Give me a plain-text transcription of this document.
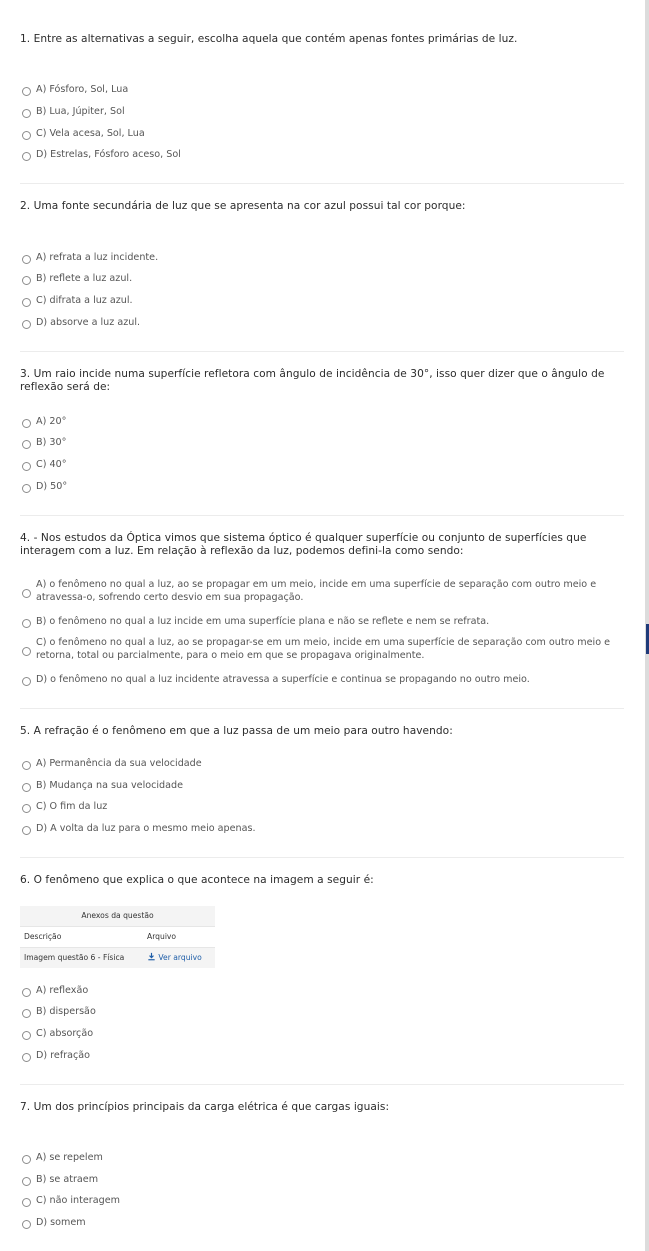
1. Entre as alternativas a seguir, escolha aquela que contém apenas fontes primárias de luz.
A) Fósforo, Sol, Lua
B) Lua, Júpiter, Sol
C) Vela acesa, Sol, Lua
D) Estrelas, Fósforo aceso, Sol
2. Uma fonte secundária de luz que se apresenta na cor azul possui tal cor porque:
A) refrata a luz incidente.
B) reflete a luz azul.
C) difrata a luz azul.
D) absorve a luz azul.
3. Um raio incide numa superfície refletora com ângulo de incidência de 30°, isso quer dizer que o ângulo de
reflexão será de:
A) 20°
B) 30°
C) 40°
D) 50°
4. - Nos estudos da Óptica vimos que sistema óptico é qualquer superfície ou conjunto de superfícies que
interagem com a luz. Em relação à reflexão da luz, podemos defini-la como sendo:
A) o fenômeno no qual a luz, ao se propagar em um meio, incide em uma superfície de separação com outro meio e
atravessa-o, sofrendo certo desvio em sua propagação.
B) o fenômeno no qual a luz incide em uma superfície plana e não se reflete e nem se refrata.
C) o fenômeno no qual a luz, ao se propagar-se em um meio, incide em uma superfície de separação com outro meio e
retorna, total ou parcialmente, para o meio em que se propagava originalmente.
D) o fenômeno no qual a luz incidente atravessa a superfície e continua se propagando no outro meio.
5. A refração é o fenômeno em que a luz passa de um meio para outro havendo:
A) Permanência da sua velocidade
B) Mudança na sua velocidade
C) O fim da luz
D) A volta da luz para o mesmo meio apenas.
6. O fenômeno que explica o que acontece na imagem a seguir é:
Anexos da questão
Descrição	Arquivo
Imagem questão 6 - Física	Ver arquivo
A) reflexão
B) dispersão
C) absorção
D) refração
7. Um dos princípios principais da carga elétrica é que cargas iguais:
A) se repelem
B) se atraem
C) não interagem
D) somem
